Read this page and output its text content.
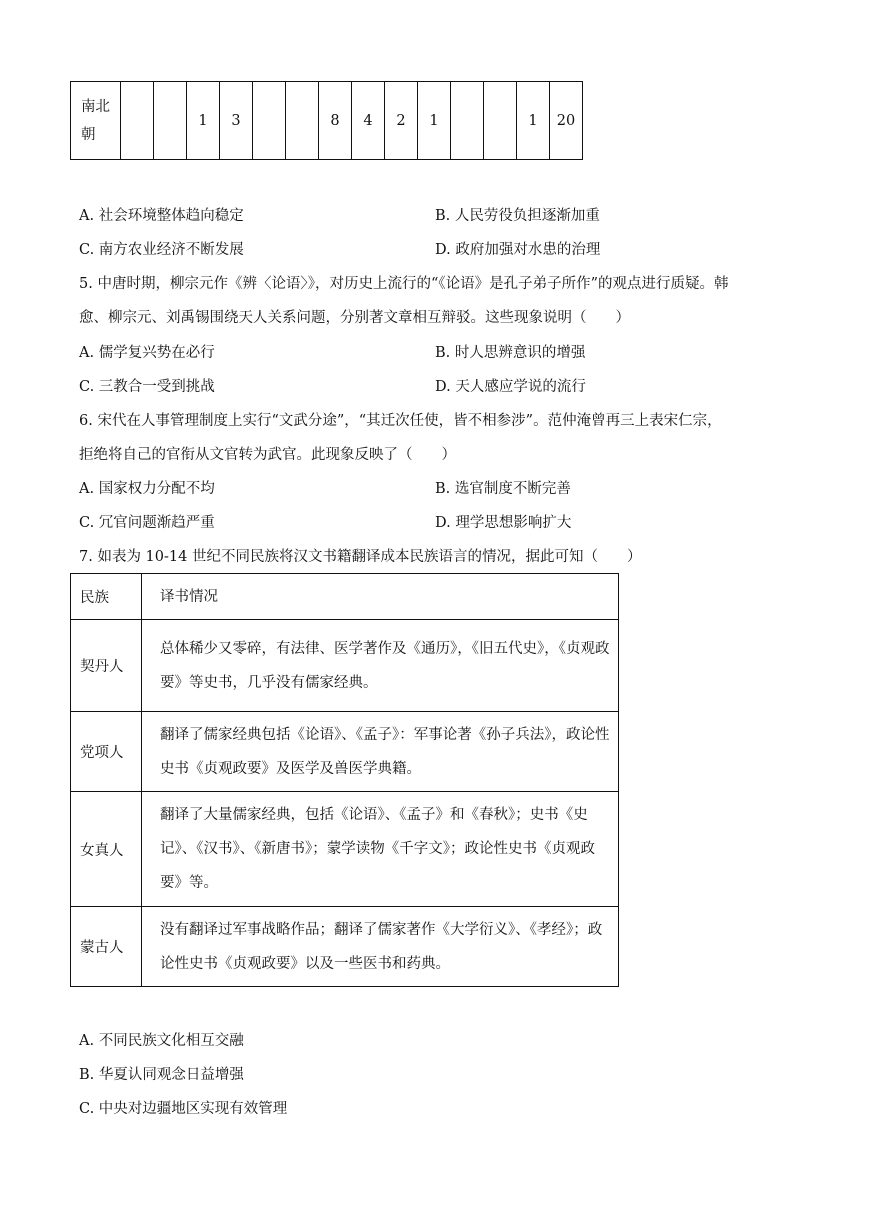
南北
朝			1	3			8	4	2	1			1	20
A. 社会环境整体趋向稳定	B. 人民劳役负担逐渐加重
C. 南方农业经济不断发展	D. 政府加强对水患的治理
5. 中唐时期，柳宗元作《辨〈论语〉》，对历史上流行的“《论语》是孔子弟子所作”的观点进行质疑。韩
愈、柳宗元、刘禹锡围绕天人关系问题，分别著文章相互辩驳。这些现象说明（　　）
A. 儒学复兴势在必行	B. 时人思辨意识的增强
C. 三教合一受到挑战	D. 天人感应学说的流行
6. 宋代在人事管理制度上实行“文武分途”，“其迁次任使，皆不相参涉”。范仲淹曾再三上表宋仁宗，
拒绝将自己的官衔从文官转为武官。此现象反映了（　　）
A. 国家权力分配不均	B. 选官制度不断完善
C. 冗官问题渐趋严重	D. 理学思想影响扩大
7. 如表为 10-14 世纪不同民族将汉文书籍翻译成本民族语言的情况，据此可知（　　）
民族	译书情况
契丹人	总体稀少又零碎，有法律、医学著作及《通历》，《旧五代史》，《贞观政要》等史书，几乎没有儒家经典。
党项人	翻译了儒家经典包括《论语》、《孟子》：军事论著《孙子兵法》，政论性史书《贞观政要》及医学及兽医学典籍。
女真人	翻译了大量儒家经典，包括《论语》、《孟子》和《春秋》；史书《史记》、《汉书》、《新唐书》；蒙学读物《千字文》；政论性史书《贞观政要》等。
蒙古人	没有翻译过军事战略作品；翻译了儒家著作《大学衍义》、《孝经》；政论性史书《贞观政要》以及一些医书和药典。
A. 不同民族文化相互交融
B. 华夏认同观念日益增强
C. 中央对边疆地区实现有效管理
